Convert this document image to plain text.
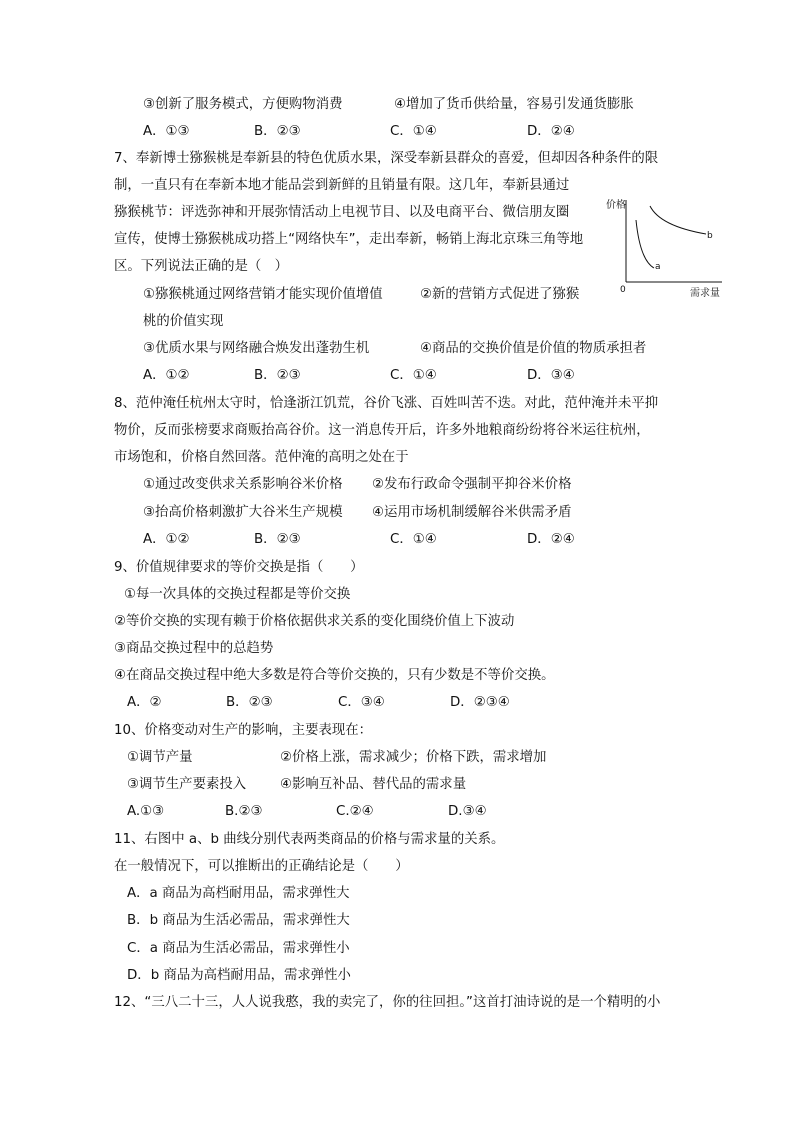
③创新了服务模式，方便购物消费	④增加了货币供给量，容易引发通货膨胀
A．①③	B．②③	C．①④	D．②④
7、奉新博士猕猴桃是奉新县的特色优质水果，深受奉新县群众的喜爱，但却因各种条件的限
制，一直只有在奉新本地才能品尝到新鲜的且销量有限。这几年，奉新县通过
猕猴桃节：评选弥神和开展弥情活动上电视节目、以及电商平台、微信朋友圈
宣传，使博士猕猴桃成功搭上“网络快车”，走出奉新，畅销上海北京珠三角等地
区。下列说法正确的是（　）
①猕猴桃通过网络营销才能实现价值增值	②新的营销方式促进了猕猴
桃的价值实现
③优质水果与网络融合焕发出蓬勃生机	④商品的交换价值是价值的物质承担者
A．①②	B．②③	C．①④	D．③④
价格
b
a
0	需求量
8、范仲淹任杭州太守时，恰逢浙江饥荒，谷价飞涨、百姓叫苦不迭。对此，范仲淹并未平抑
物价，反而张榜要求商贩抬高谷价。这一消息传开后，许多外地粮商纷纷将谷米运往杭州，
市场饱和，价格自然回落。范仲淹的高明之处在于
①通过改变供求关系影响谷米价格 ②发布行政命令强制平抑谷米价格
③抬高价格刺激扩大谷米生产规模 ④运用市场机制缓解谷米供需矛盾
A．①②	B．②③	C．①④	D．②④
9、价值规律要求的等价交换是指（　　）
①每一次具体的交换过程都是等价交换
②等价交换的实现有赖于价格依据供求关系的变化围绕价值上下波动
③商品交换过程中的总趋势
④在商品交换过程中绝大多数是符合等价交换的，只有少数是不等价交换。
A．②	B．②③	C．③④	D．②③④
10、价格变动对生产的影响，主要表现在：
①调节产量	②价格上涨，需求减少；价格下跌，需求增加
③调节生产要素投入	④影响互补品、替代品的需求量
A.①③	B.②③	C.②④	D.③④
11、右图中 a、b 曲线分别代表两类商品的价格与需求量的关系。
在一般情况下，可以推断出的正确结论是（　　）
A．a 商品为高档耐用品，需求弹性大
B．b 商品为生活必需品，需求弹性大
C．a 商品为生活必需品，需求弹性小
D．b 商品为高档耐用品，需求弹性小
12、“三八二十三，人人说我憨，我的卖完了，你的往回担。”这首打油诗说的是一个精明的小
